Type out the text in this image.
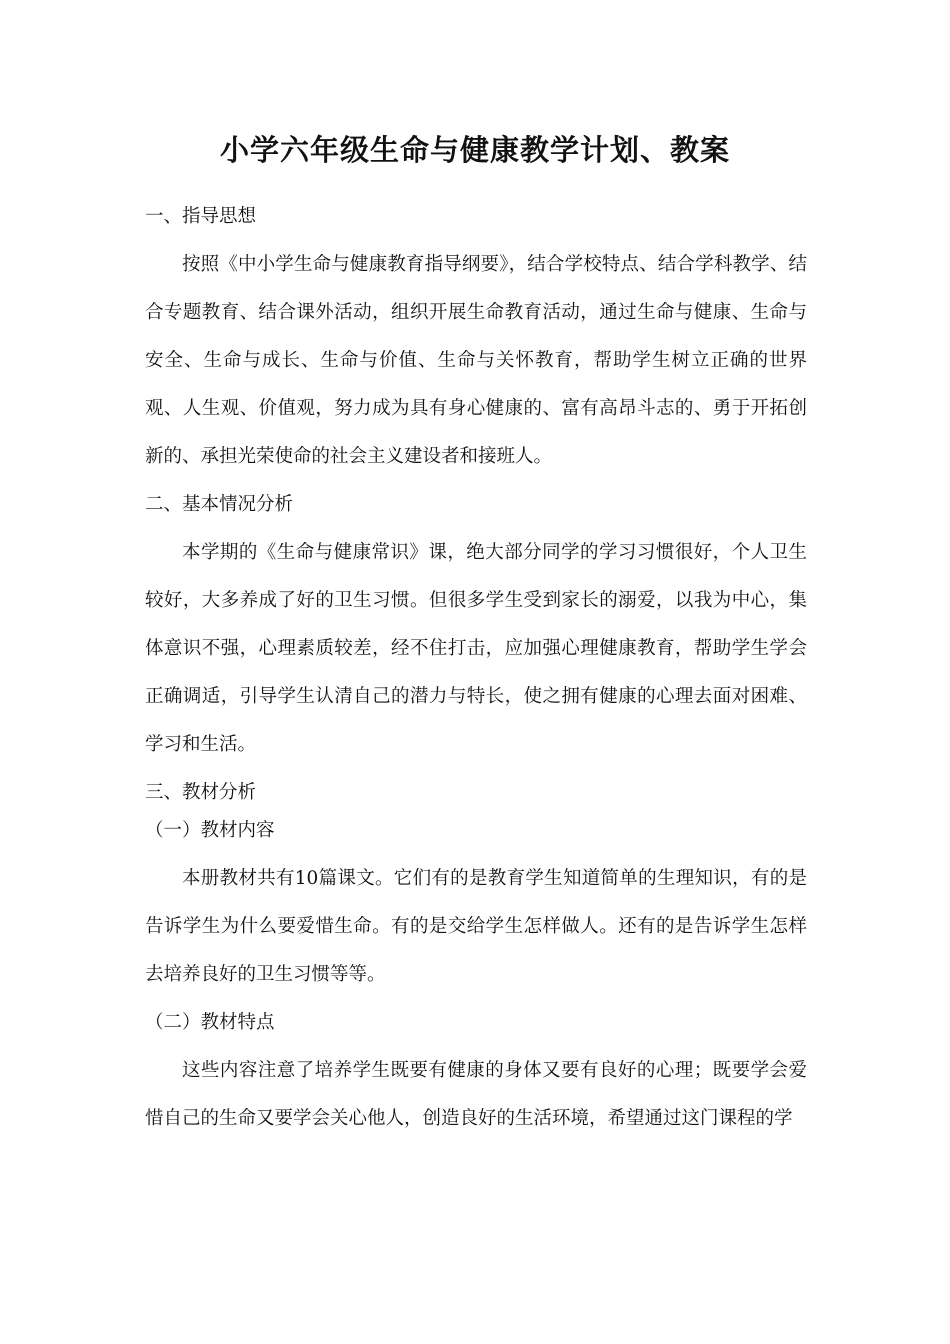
小学六年级生命与健康教学计划、教案

一、指导思想

按照《中小学生命与健康教育指导纲要》，结合学校特点、结合学科教学、结合专题教育、结合课外活动，组织开展生命教育活动，通过生命与健康、生命与安全、生命与成长、生命与价值、生命与关怀教育，帮助学生树立正确的世界观、人生观、价值观，努力成为具有身心健康的、富有高昂斗志的、勇于开拓创新的、承担光荣使命的社会主义建设者和接班人。

二、基本情况分析

本学期的《生命与健康常识》课，绝大部分同学的学习习惯很好，个人卫生较好，大多养成了好的卫生习惯。但很多学生受到家长的溺爱，以我为中心，集体意识不强，心理素质较差，经不住打击，应加强心理健康教育，帮助学生学会正确调适，引导学生认清自己的潜力与特长，使之拥有健康的心理去面对困难、学习和生活。

三、教材分析

（一）教材内容

本册教材共有10篇课文。它们有的是教育学生知道简单的生理知识，有的是告诉学生为什么要爱惜生命。有的是交给学生怎样做人。还有的是告诉学生怎样去培养良好的卫生习惯等等。

（二）教材特点

这些内容注意了培养学生既要有健康的身体又要有良好的心理；既要学会爱惜自己的生命又要学会关心他人，创造良好的生活环境，希望通过这门课程的学
